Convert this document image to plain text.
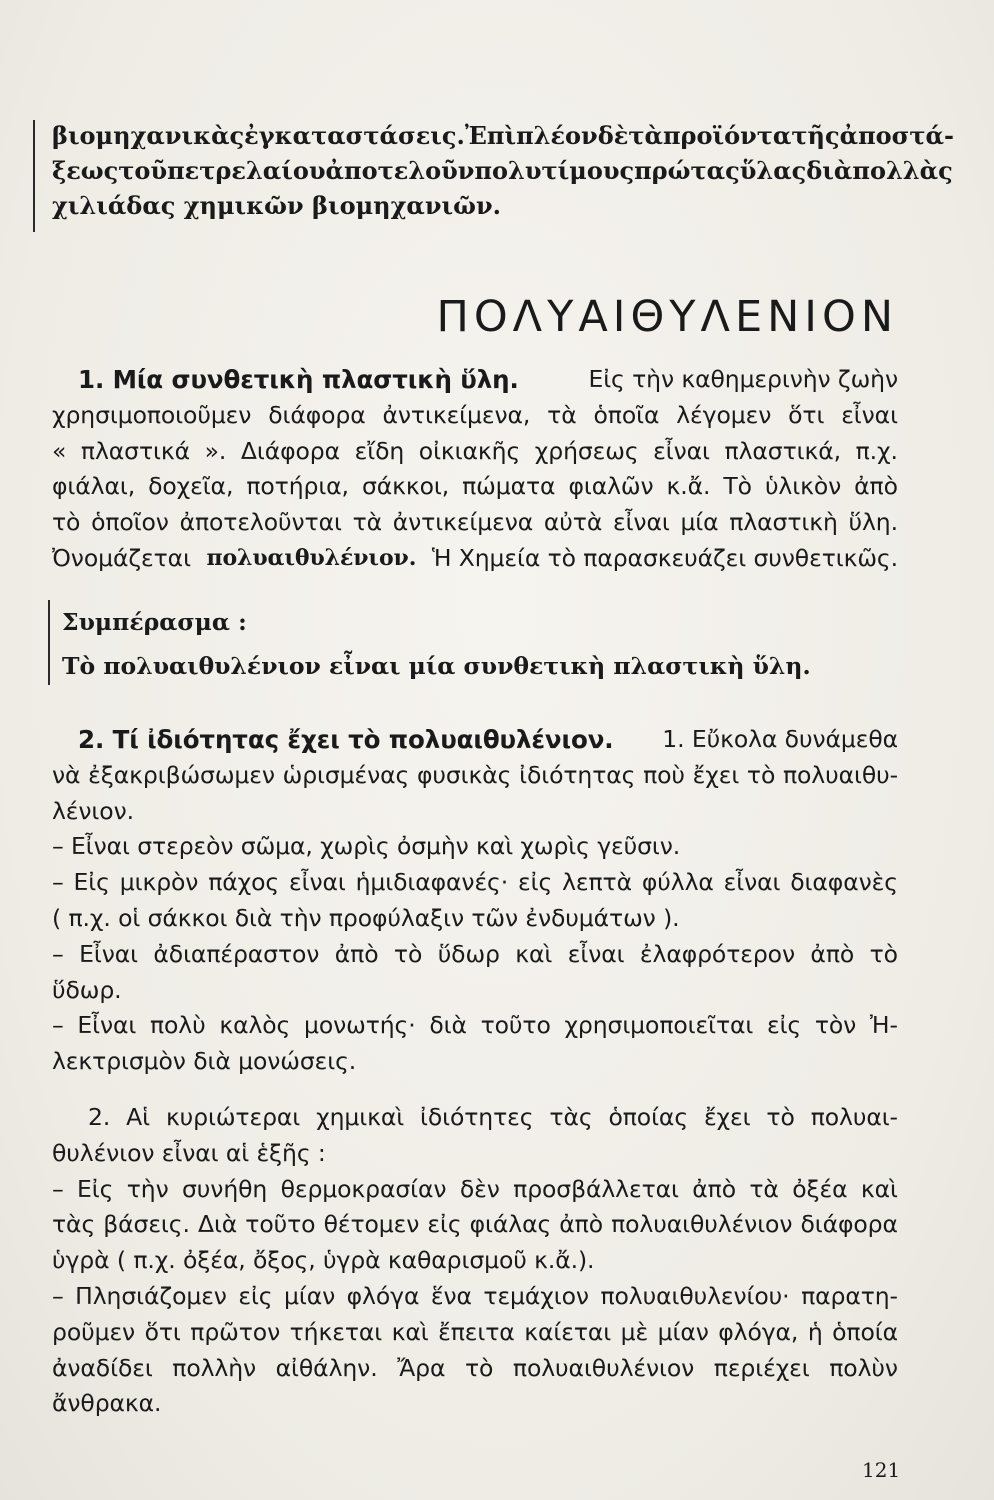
βιομηχανικὰς ἐγκαταστάσεις. Ἐπὶ πλέον δὲ τὰ προϊόντα τῆς ἀποστά-
ξεως τοῦ πετρελαίου ἀποτελοῦν πολυτίμους πρώτας ὕλας διὰ πολλὰς
χιλιάδας χημικῶν βιομηχανιῶν.
ΠΟΛΥΑΙΘΥΛΕΝΙΟΝ
1. Μία συνθετικὴ πλαστικὴ ὕλη.	Εἰς τὴν καθημερινὴν ζωὴν
χρησιμοποιοῦμεν διάφορα ἀντικείμενα, τὰ ὁποῖα λέγομεν ὅτι εἶναι
« πλαστικά ». Διάφορα εἴδη οἰκιακῆς χρήσεως εἶναι πλαστικά, π.χ.
φιάλαι, δοχεῖα, ποτήρια, σάκκοι, πώματα φιαλῶν κ.ἄ. Τὸ ὑλικὸν ἀπὸ
τὸ ὁποῖον ἀποτελοῦνται τὰ ἀντικείμενα αὐτὰ εἶναι μία πλαστικὴ ὕλη.
Ὀνομάζεται πολυαιθυλένιον. Ἡ Χημεία τὸ παρασκευάζει συνθετικῶς.
Συμπέρασμα :
Τὸ πολυαιθυλένιον εἶναι μία συνθετικὴ πλαστικὴ ὕλη.
2. Τί ἰδιότητας ἔχει τὸ πολυαιθυλένιον. 1. Εὔκολα δυνάμεθα
νὰ ἐξακριβώσωμεν ὡρισμένας φυσικὰς ἰδιότητας ποὺ ἔχει τὸ πολυαιθυ-
λένιον.
– Εἶναι στερεὸν σῶμα, χωρὶς ὀσμὴν καὶ χωρὶς γεῦσιν.
– Εἰς μικρὸν πάχος εἶναι ἡμιδιαφανές· εἰς λεπτὰ φύλλα εἶναι διαφανὲς
( π.χ. οἱ σάκκοι διὰ τὴν προφύλαξιν τῶν ἐνδυμάτων ).
– Εἶναι ἀδιαπέραστον ἀπὸ τὸ ὕδωρ καὶ εἶναι ἐλαφρότερον ἀπὸ τὸ
ὕδωρ.
– Εἶναι πολὺ καλὸς μονωτής· διὰ τοῦτο χρησιμοποιεῖται εἰς τὸν Ἠ-
λεκτρισμὸν διὰ μονώσεις.
2. Αἱ κυριώτεραι χημικαὶ ἰδιότητες τὰς ὁποίας ἔχει τὸ πολυαι-
θυλένιον εἶναι αἱ ἑξῆς :
– Εἰς τὴν συνήθη θερμοκρασίαν δὲν προσβάλλεται ἀπὸ τὰ ὀξέα καὶ
τὰς βάσεις. Διὰ τοῦτο θέτομεν εἰς φιάλας ἀπὸ πολυαιθυλένιον διάφορα
ὑγρὰ ( π.χ. ὀξέα, ὄξος, ὑγρὰ καθαρισμοῦ κ.ἄ.).
– Πλησιάζομεν εἰς μίαν φλόγα ἕνα τεμάχιον πολυαιθυλενίου· παρατη-
ροῦμεν ὅτι πρῶτον τήκεται καὶ ἔπειτα καίεται μὲ μίαν φλόγα, ἡ ὁποία
ἀναδίδει πολλὴν αἰθάλην. Ἄρα τὸ πολυαιθυλένιον περιέχει πολὺν
ἄνθρακα.
121
